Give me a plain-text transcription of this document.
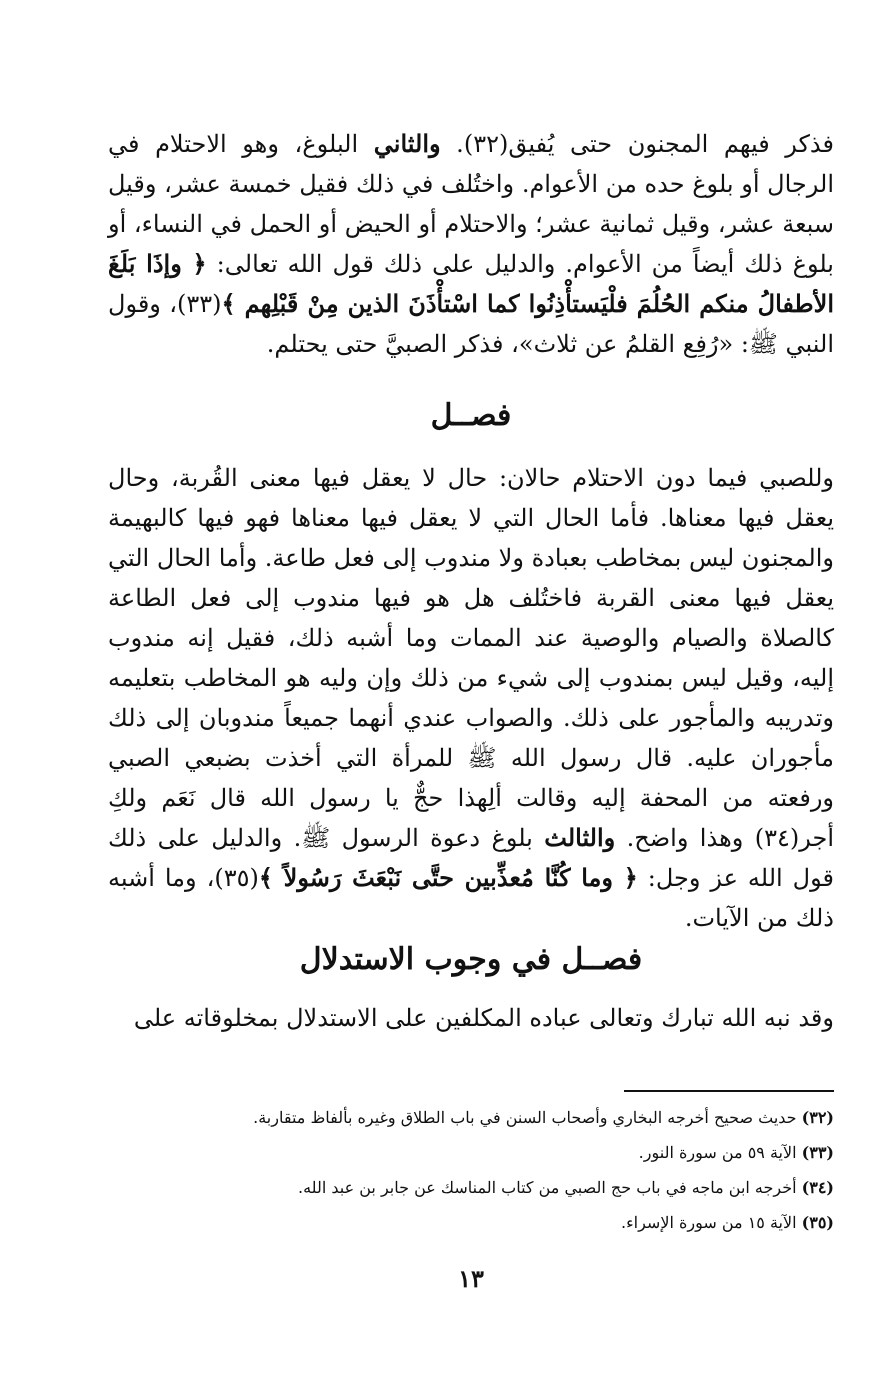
فذكر فيهم المجنون حتى يُفيق(٣٢). والثاني البلوغ، وهو الاحتلام في الرجال أو بلوغ حده من الأعوام. واختُلف في ذلك فقيل خمسة عشر، وقيل سبعة عشر، وقيل ثمانية عشر؛ والاحتلام أو الحيض أو الحمل في النساء، أو بلوغ ذلك أيضاً من الأعوام. والدليل على ذلك قول الله تعالى: ﴿ وإذَا بَلَغَ الأطفالُ منكم الحُلُمَ فلْيَستأْذِنُوا كما اسْتأْذَنَ الذين مِنْ قَبْلِهم ﴾(٣٣)، وقول النبي ﷺ: «رُفِع القلمُ عن ثلاث»، فذكر الصبيَّ حتى يحتلم.

فصــل

وللصبي فيما دون الاحتلام حالان: حال لا يعقل فيها معنى القُربة، وحال يعقل فيها معناها. فأما الحال التي لا يعقل فيها معناها فهو فيها كالبهيمة والمجنون ليس بمخاطب بعبادة ولا مندوب إلى فعل طاعة. وأما الحال التي يعقل فيها معنى القربة فاختُلف هل هو فيها مندوب إلى فعل الطاعة كالصلاة والصيام والوصية عند الممات وما أشبه ذلك، فقيل إنه مندوب إليه، وقيل ليس بمندوب إلى شيء من ذلك وإن وليه هو المخاطب بتعليمه وتدريبه والمأجور على ذلك. والصواب عندي أنهما جميعاً مندوبان إلى ذلك مأجوران عليه. قال رسول الله ﷺ للمرأة التي أخذت بضبعي الصبي ورفعته من المحفة إليه وقالت ألِهذا حجٌّ يا رسول الله قال نَعَم ولكِ أجر(٣٤) وهذا واضح. والثالث بلوغ دعوة الرسول ﷺ. والدليل على ذلك قول الله عز وجل: ﴿ وما كُنَّا مُعذِّبين حتَّى نَبْعَثَ رَسُولاً ﴾(٣٥)، وما أشبه ذلك من الآيات.

فصــل في وجوب الاستدلال

وقد نبه الله تبارك وتعالى عباده المكلفين على الاستدلال بمخلوقاته على

(٣٢) حديث صحيح أخرجه البخاري وأصحاب السنن في باب الطلاق وغيره بألفاظ متقاربة.
(٣٣) الآية ٥٩ من سورة النور.
(٣٤) أخرجه ابن ماجه في باب حج الصبي من كتاب المناسك عن جابر بن عبد الله.
(٣٥) الآية ١٥ من سورة الإسراء.
١٣
